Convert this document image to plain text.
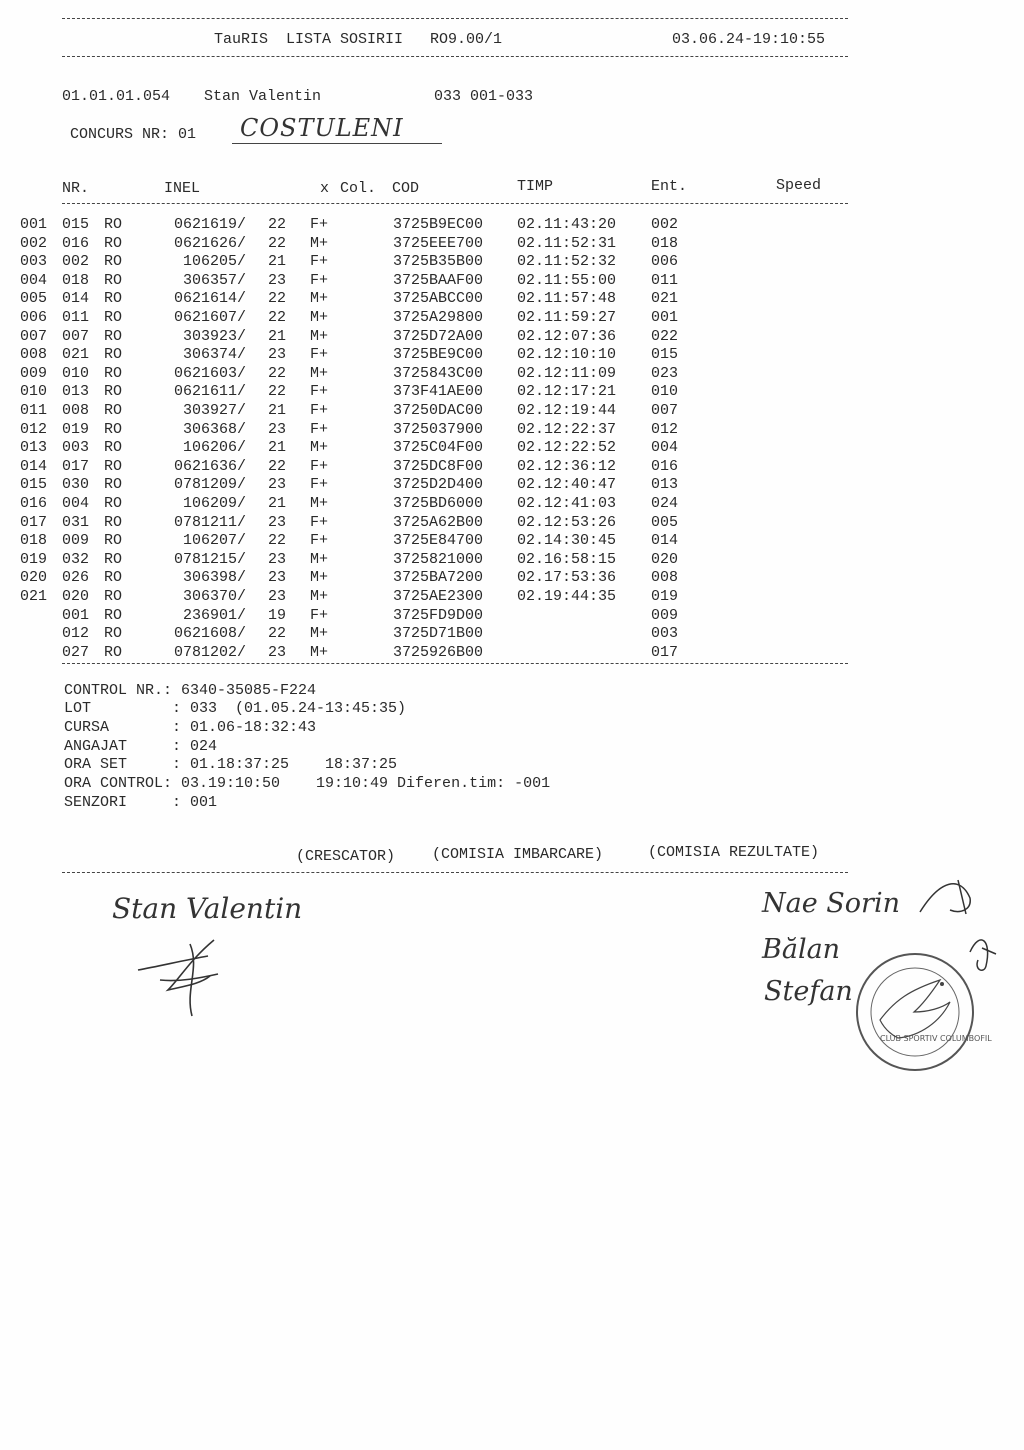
TauRIS  LISTA SOSIRII   RO9.00/1	03.06.24-19:10:55
01.01.01.054 Stan Valentin	033 001-033
CONCURS NR: 01 COSTULENI
NR.	INEL	x Col. COD	TIMP	Ent.	Speed
001 015 RO	0621619/ 22 F+	3725B9EC00 02.11:43:20 002
002 016 RO	0621626/ 22 M+	3725EEE700 02.11:52:31 018
003 002 RO	106205/ 21 F+	3725B35B00 02.11:52:32 006
004 018 RO	306357/ 23 F+	3725BAAF00 02.11:55:00 011
005 014 RO	0621614/ 22 M+	3725ABCC00 02.11:57:48 021
006 011 RO	0621607/ 22 M+	3725A29800 02.11:59:27 001
007 007 RO	303923/ 21 M+	3725D72A00 02.12:07:36 022
008 021 RO	306374/ 23 F+	3725BE9C00 02.12:10:10 015
009 010 RO	0621603/ 22 M+	3725843C00 02.12:11:09 023
010 013 RO	0621611/ 22 F+	373F41AE00 02.12:17:21 010
011 008 RO	303927/ 21 F+	37250DAC00 02.12:19:44 007
012 019 RO	306368/ 23 F+	3725037900 02.12:22:37 012
013 003 RO	106206/ 21 M+	3725C04F00 02.12:22:52 004
014 017 RO	0621636/ 22 F+	3725DC8F00 02.12:36:12 016
015 030 RO	0781209/ 23 F+	3725D2D400 02.12:40:47 013
016 004 RO	106209/ 21 M+	3725BD6000 02.12:41:03 024
017 031 RO	0781211/ 23 F+	3725A62B00 02.12:53:26 005
018 009 RO	106207/ 22 F+	3725E84700 02.14:30:45 014
019 032 RO	0781215/ 23 M+	3725821000 02.16:58:15 020
020 026 RO	306398/ 23 M+	3725BA7200 02.17:53:36 008
021 020 RO	306370/ 23 M+	3725AE2300 02.19:44:35 019
001 RO	236901/ 19 F+	3725FD9D00	009
012 RO	0621608/ 22 M+	3725D71B00	003
027 RO	0781202/ 23 M+	3725926B00	017
CONTROL NR.: 6340-35085-F224
LOT         : 033  (01.05.24-13:45:35)
CURSA       : 01.06-18:32:43
ANGAJAT     : 024
ORA SET     : 01.18:37:25    18:37:25
ORA CONTROL: 03.19:10:50    19:10:49 Diferen.tim: -001
SENZORI     : 001
(CRESCATOR) (COMISIA IMBARCARE)	(COMISIA REZULTATE)
Stan Valentin	Nae Sorin
Bălan
Stefan
CLUB SPORTIV COLUMBOFIL
